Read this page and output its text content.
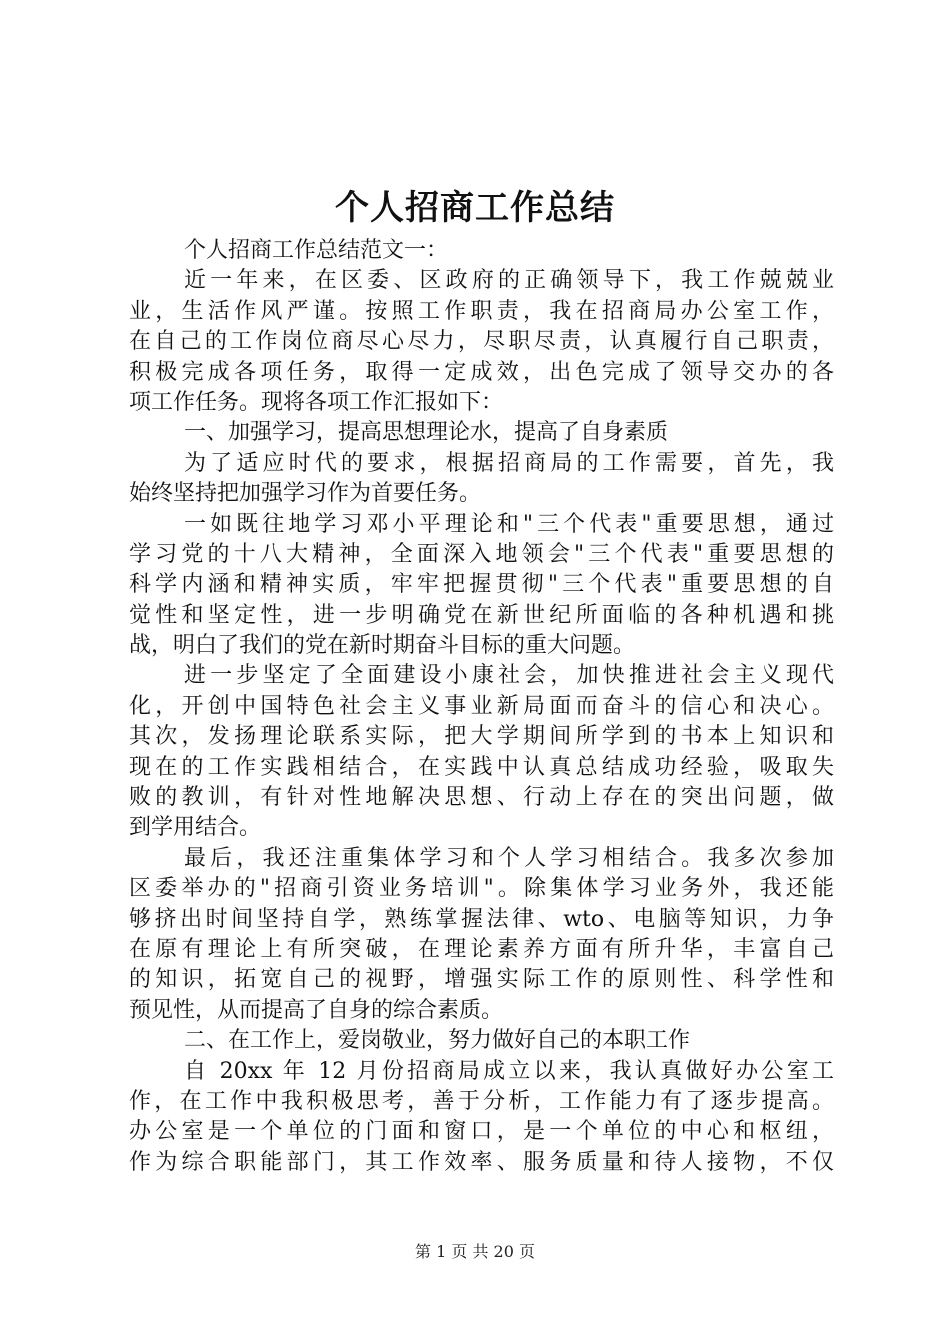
个人招商工作总结
个人招商工作总结范文一：
近一年来，在区委、区政府的正确领导下，我工作兢兢业
业，生活作风严谨。按照工作职责，我在招商局办公室工作，
在自己的工作岗位商尽心尽力，尽职尽责，认真履行自己职责，
积极完成各项任务，取得一定成效，出色完成了领导交办的各
项工作任务。现将各项工作汇报如下：
一、加强学习，提高思想理论水，提高了自身素质
为了适应时代的要求，根据招商局的工作需要，首先，我
始终坚持把加强学习作为首要任务。
一如既往地学习邓小平理论和"三个代表"重要思想，通过
学习党的十八大精神，全面深入地领会"三个代表"重要思想的
科学内涵和精神实质，牢牢把握贯彻"三个代表"重要思想的自
觉性和坚定性，进一步明确党在新世纪所面临的各种机遇和挑
战，明白了我们的党在新时期奋斗目标的重大问题。
进一步坚定了全面建设小康社会，加快推进社会主义现代
化，开创中国特色社会主义事业新局面而奋斗的信心和决心。
其次，发扬理论联系实际，把大学期间所学到的书本上知识和
现在的工作实践相结合，在实践中认真总结成功经验，吸取失
败的教训，有针对性地解决思想、行动上存在的突出问题，做
到学用结合。
最后，我还注重集体学习和个人学习相结合。我多次参加
区委举办的"招商引资业务培训"。除集体学习业务外，我还能
够挤出时间坚持自学，熟练掌握法律、wto、电脑等知识，力争
在原有理论上有所突破，在理论素养方面有所升华，丰富自己
的知识，拓宽自己的视野，增强实际工作的原则性、科学性和
预见性，从而提高了自身的综合素质。
二、在工作上，爱岗敬业，努力做好自己的本职工作
自 20xx 年 12 月份招商局成立以来，我认真做好办公室工
作，在工作中我积极思考，善于分析，工作能力有了逐步提高。
办公室是一个单位的门面和窗口，是一个单位的中心和枢纽，
作为综合职能部门，其工作效率、服务质量和待人接物，不仅
第 1 页 共 20 页
